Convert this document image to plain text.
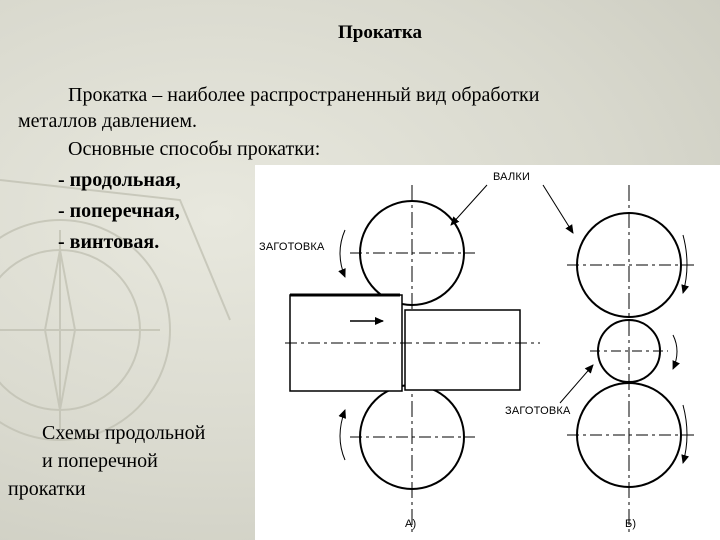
Прокатка
Прокатка – наиболее распространенный вид обработки
металлов давлением.
Основные способы прокатки:
- продольная,
- поперечная,
- винтовая.
Схемы продольной
и поперечной
прокатки
ВАЛКИ
ЗАГОТОВКА
ЗАГОТОВКА
А)	Б)
